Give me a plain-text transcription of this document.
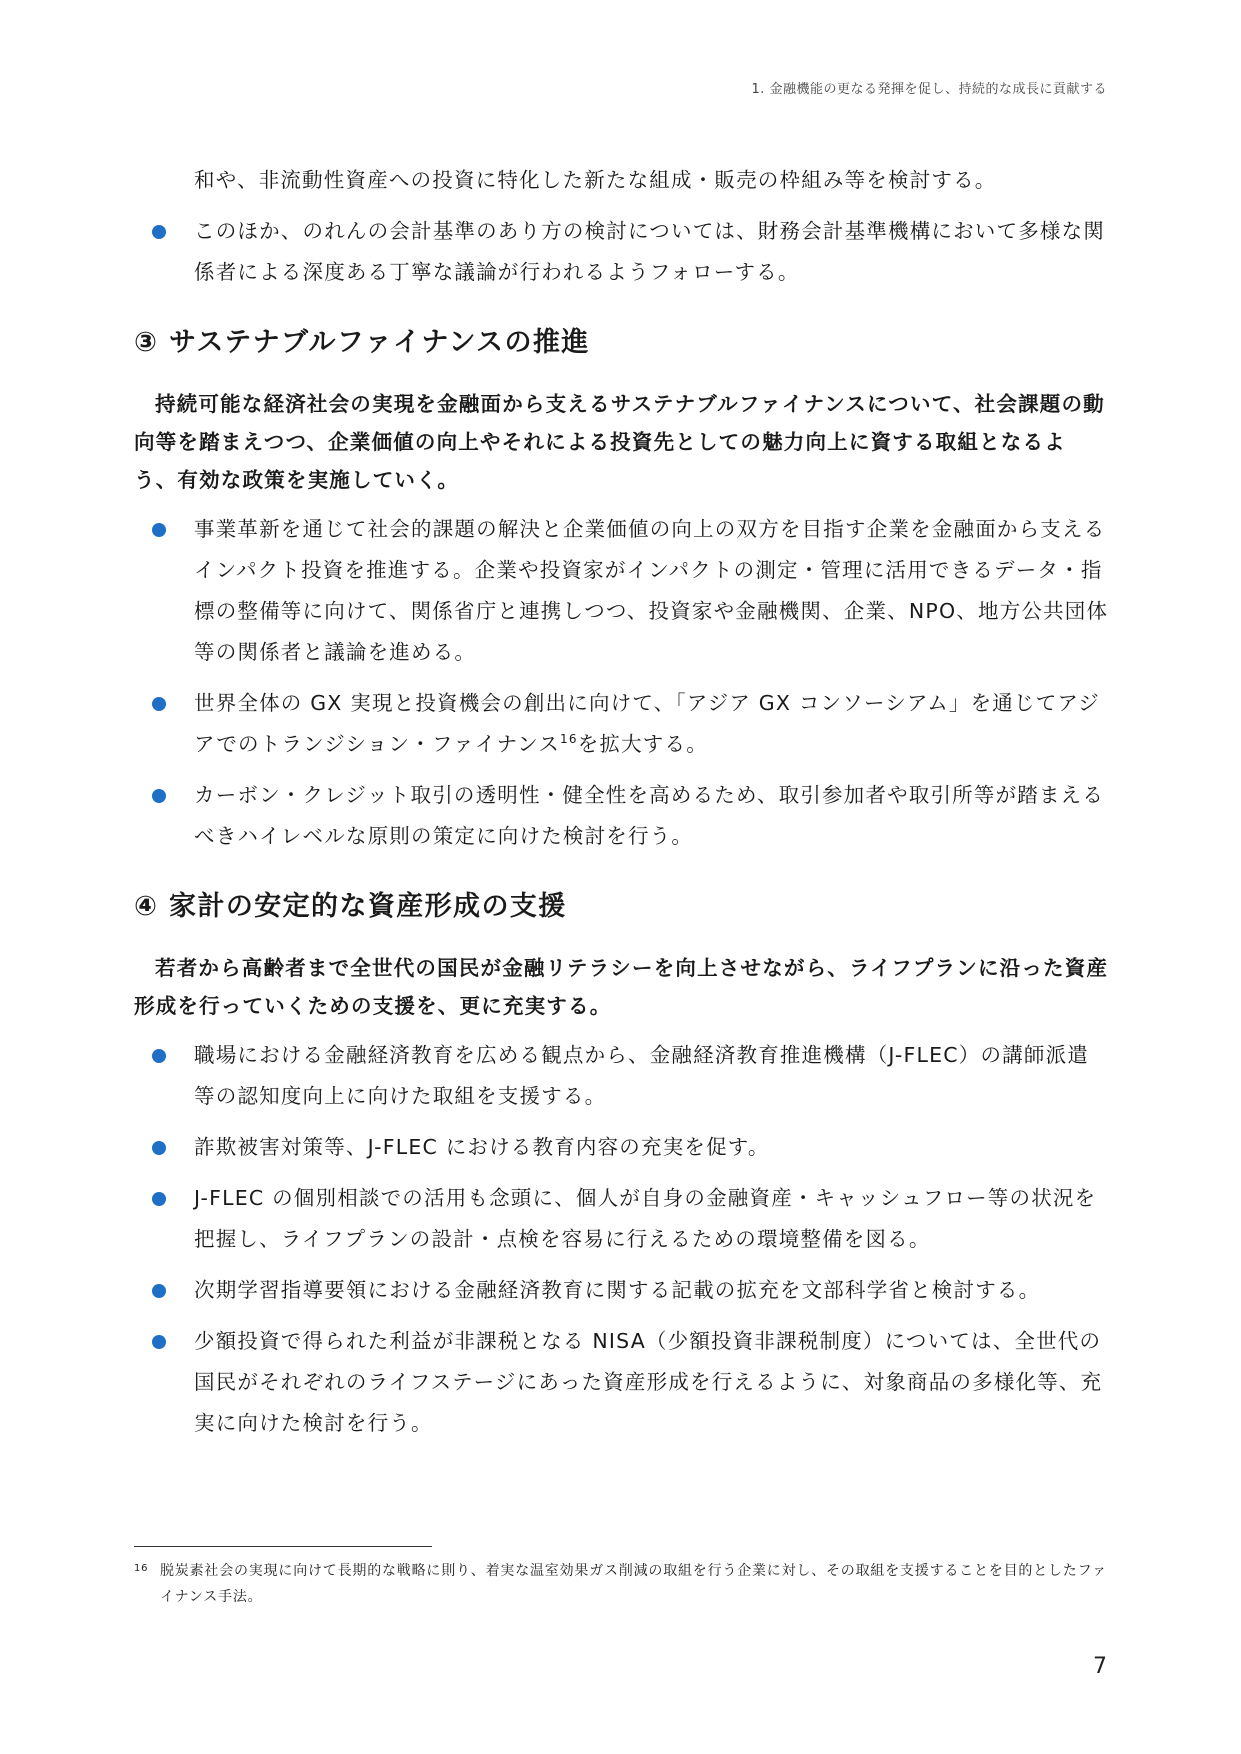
1. 金融機能の更なる発揮を促し、持続的な成長に貢献する

和や、非流動性資産への投資に特化した新たな組成・販売の枠組み等を検討する。

このほか、のれんの会計基準のあり方の検討については、財務会計基準機構において多様な関係者による深度ある丁寧な議論が行われるようフォローする。

③ サステナブルファイナンスの推進

持続可能な経済社会の実現を金融面から支えるサステナブルファイナンスについて、社会課題の動向等を踏まえつつ、企業価値の向上やそれによる投資先としての魅力向上に資する取組となるよう、有効な政策を実施していく。

事業革新を通じて社会的課題の解決と企業価値の向上の双方を目指す企業を金融面から支えるインパクト投資を推進する。企業や投資家がインパクトの測定・管理に活用できるデータ・指標の整備等に向けて、関係省庁と連携しつつ、投資家や金融機関、企業、NPO、地方公共団体等の関係者と議論を進める。

世界全体の GX 実現と投資機会の創出に向けて、「アジア GX コンソーシアム」を通じてアジアでのトランジション・ファイナンス$^{16}$を拡大する。

カーボン・クレジット取引の透明性・健全性を高めるため、取引参加者や取引所等が踏まえるべきハイレベルな原則の策定に向けた検討を行う。

④ 家計の安定的な資産形成の支援

若者から高齢者まで全世代の国民が金融リテラシーを向上させながら、ライフプランに沿った資産形成を行っていくための支援を、更に充実する。

職場における金融経済教育を広める観点から、金融経済教育推進機構（J-FLEC）の講師派遣等の認知度向上に向けた取組を支援する。

詐欺被害対策等、J-FLEC における教育内容の充実を促す。

J-FLEC の個別相談での活用も念頭に、個人が自身の金融資産・キャッシュフロー等の状況を把握し、ライフプランの設計・点検を容易に行えるための環境整備を図る。

次期学習指導要領における金融経済教育に関する記載の拡充を文部科学省と検討する。

少額投資で得られた利益が非課税となる NISA（少額投資非課税制度）については、全世代の国民がそれぞれのライフステージにあった資産形成を行えるように、対象商品の多様化等、充実に向けた検討を行う。

16 脱炭素社会の実現に向けて長期的な戦略に則り、着実な温室効果ガス削減の取組を行う企業に対し、その取組を支援することを目的としたファイナンス手法。
7
